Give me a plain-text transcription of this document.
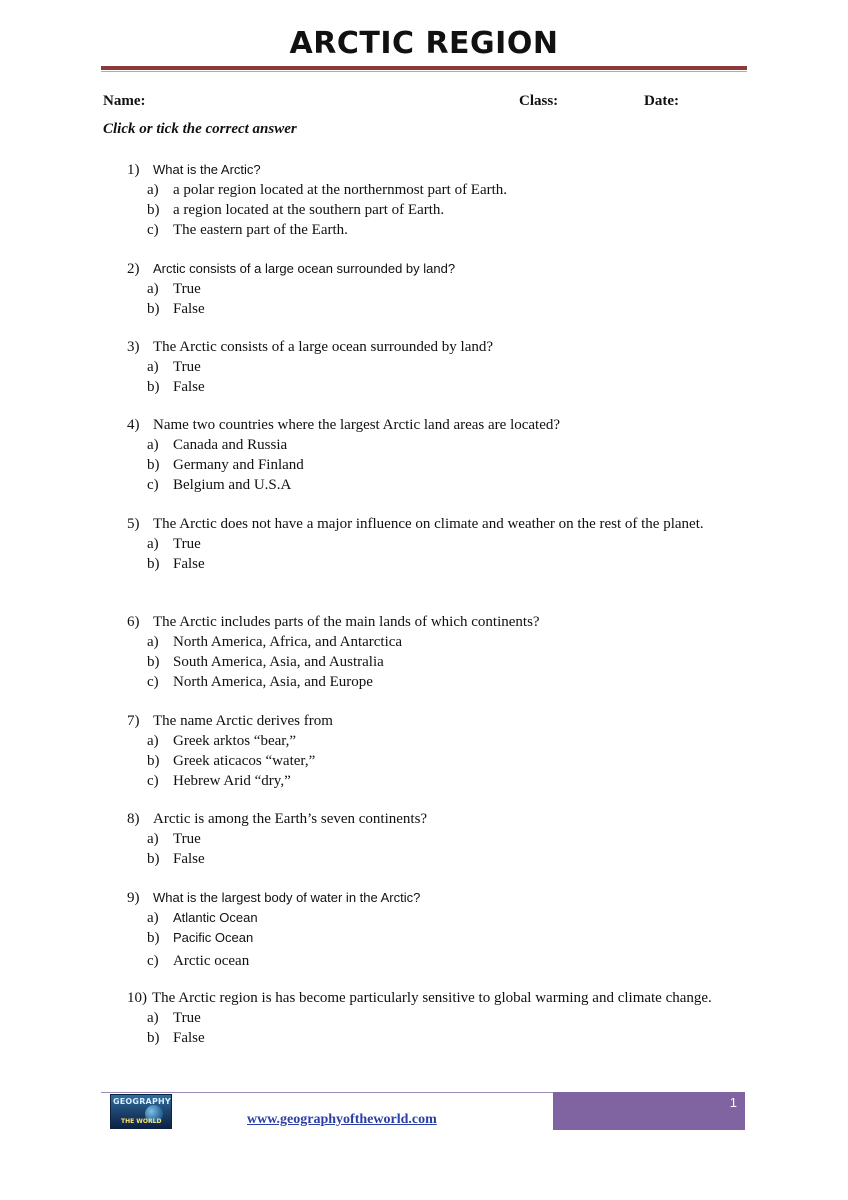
ARCTIC REGION
Name:	Class:	Date:
Click or tick the correct answer
1)	What is the Arctic?
a) a polar region located at the northernmost part of Earth.
b) a region located at the southern part of Earth.
c) The eastern part of the Earth.
2)	Arctic consists of a large ocean surrounded by land?
a) True
b) False
3) The Arctic consists of a large ocean surrounded by land?
a) True
b) False
4) Name two countries where the largest Arctic land areas are located?
a) Canada and Russia
b) Germany and Finland
c) Belgium and U.S.A
5) The Arctic does not have a major influence on climate and weather on the rest of the planet.
a) True
b) False
6) The Arctic includes parts of the main lands of which continents?
a) North America, Africa, and Antarctica
b) South America, Asia, and Australia
c) North America, Asia, and Europe
7) The name Arctic derives from
a) Greek arktos “bear,”
b) Greek aticacos “water,”
c) Hebrew Arid “dry,”
8) Arctic is among the Earth’s seven continents?
a) True
b) False
9)	What is the largest body of water in the Arctic?
a)	Atlantic Ocean
b)	Pacific Ocean
c) Arctic ocean
10) The Arctic region is has become particularly sensitive to global warming and climate change.
a) True
b) False
GEOGRAPHY
THE WORLD	www.geographyoftheworld.com
1
